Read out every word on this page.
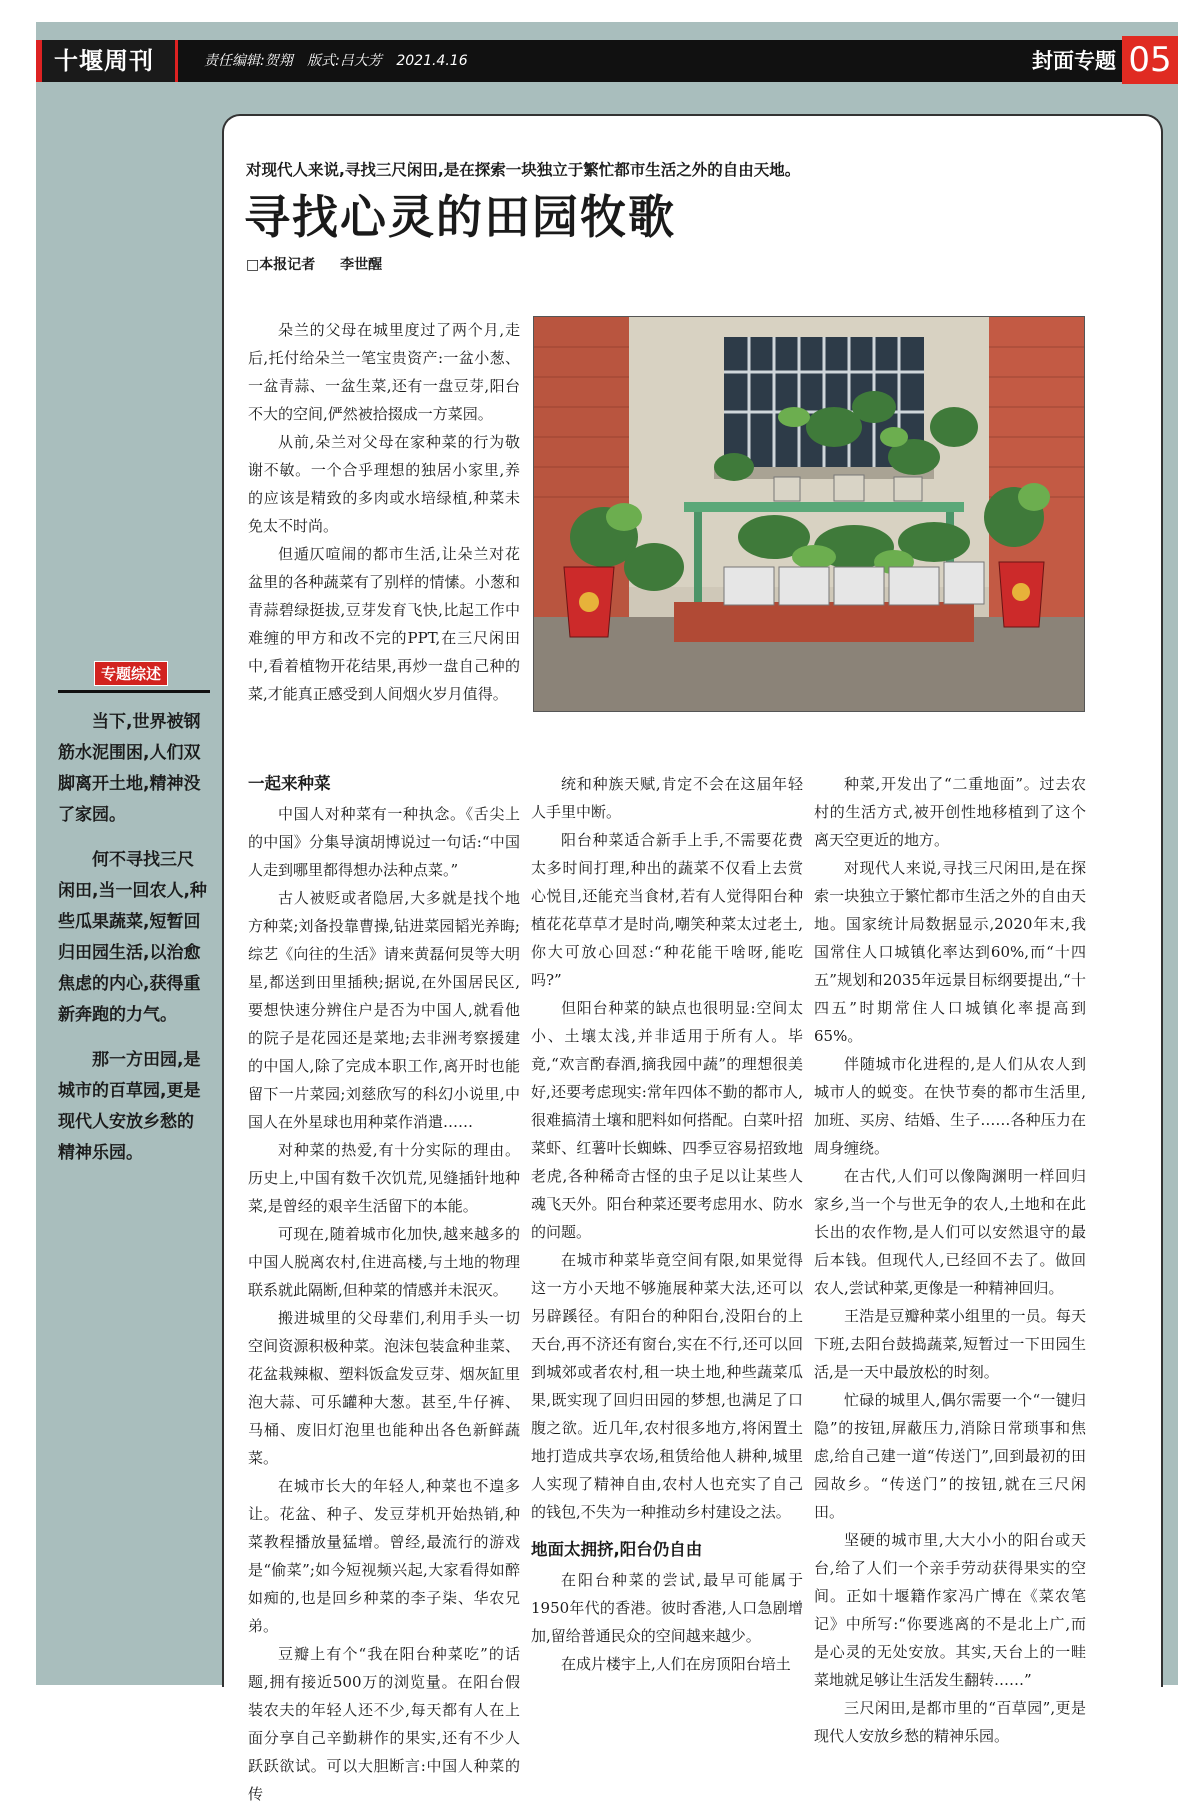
十堰周刊	责任编辑:贺翔 版式:吕大芳 2021.4.16	封面专题 05
专题综述

当下,世界被钢筋水泥围困,人们双脚离开土地,精神没了家园。

何不寻找三尺闲田,当一回农人,种些瓜果蔬菜,短暂回归田园生活,以治愈焦虑的内心,获得重新奔跑的力气。

那一方田园,是城市的百草园,更是现代人安放乡愁的精神乐园。

对现代人来说,寻找三尺闲田,是在探索一块独立于繁忙都市生活之外的自由天地。
寻找心灵的田园牧歌
□本报记者 李世醒

朵兰的父母在城里度过了两个月,走后,托付给朵兰一笔宝贵资产:一盆小葱、一盆青蒜、一盆生菜,还有一盘豆芽,阳台不大的空间,俨然被拾掇成一方菜园。

从前,朵兰对父母在家种菜的行为敬谢不敏。一个合乎理想的独居小家里,养的应该是精致的多肉或水培绿植,种菜未免太不时尚。

但遁仄喧闹的都市生活,让朵兰对花盆里的各种蔬菜有了别样的情愫。小葱和青蒜碧绿挺拔,豆芽发育飞快,比起工作中难缠的甲方和改不完的PPT,在三尺闲田中,看着植物开花结果,再炒一盘自己种的菜,才能真正感受到人间烟火岁月值得。

一起来种菜

中国人对种菜有一种执念。《舌尖上的中国》分集导演胡博说过一句话:“中国人走到哪里都得想办法种点菜。”

古人被贬或者隐居,大多就是找个地方种菜;刘备投靠曹操,钻进菜园韬光养晦;综艺《向往的生活》请来黄磊何炅等大明星,都送到田里插秧;据说,在外国居民区,要想快速分辨住户是否为中国人,就看他的院子是花园还是菜地;去非洲考察援建的中国人,除了完成本职工作,离开时也能留下一片菜园;刘慈欣写的科幻小说里,中国人在外星球也用种菜作消遣……

对种菜的热爱,有十分实际的理由。历史上,中国有数千次饥荒,见缝插针地种菜,是曾经的艰辛生活留下的本能。

可现在,随着城市化加快,越来越多的中国人脱离农村,住进高楼,与土地的物理联系就此隔断,但种菜的情感并未泯灭。

搬进城里的父母辈们,利用手头一切空间资源积极种菜。泡沫包装盒种韭菜、花盆栽辣椒、塑料饭盒发豆芽、烟灰缸里泡大蒜、可乐罐种大葱。甚至,牛仔裤、马桶、废旧灯泡里也能种出各色新鲜蔬菜。

在城市长大的年轻人,种菜也不遑多让。花盆、种子、发豆芽机开始热销,种菜教程播放量猛增。曾经,最流行的游戏是“偷菜”;如今短视频兴起,大家看得如醉如痴的,也是回乡种菜的李子柒、华农兄弟。

豆瓣上有个“我在阳台种菜吃”的话题,拥有接近500万的浏览量。在阳台假装农夫的年轻人还不少,每天都有人在上面分享自己辛勤耕作的果实,还有不少人跃跃欲试。可以大胆断言:中国人种菜的传

统和种族天赋,肯定不会在这届年轻人手里中断。

阳台种菜适合新手上手,不需要花费太多时间打理,种出的蔬菜不仅看上去赏心悦目,还能充当食材,若有人觉得阳台种植花花草草才是时尚,嘲笑种菜太过老土,你大可放心回怼:“种花能干啥呀,能吃吗?”

但阳台种菜的缺点也很明显:空间太小、土壤太浅,并非适用于所有人。毕竟,“欢言酌春酒,摘我园中蔬”的理想很美好,还要考虑现实:常年四体不勤的都市人,很难搞清土壤和肥料如何搭配。白菜叶招菜虾、红薯叶长蜘蛛、四季豆容易招致地老虎,各种稀奇古怪的虫子足以让某些人魂飞天外。阳台种菜还要考虑用水、防水的问题。

在城市种菜毕竟空间有限,如果觉得这一方小天地不够施展种菜大法,还可以另辟蹊径。有阳台的种阳台,没阳台的上天台,再不济还有窗台,实在不行,还可以回到城郊或者农村,租一块土地,种些蔬菜瓜果,既实现了回归田园的梦想,也满足了口腹之欲。近几年,农村很多地方,将闲置土地打造成共享农场,租赁给他人耕种,城里人实现了精神自由,农村人也充实了自己的钱包,不失为一种推动乡村建设之法。

地面太拥挤,阳台仍自由

在阳台种菜的尝试,最早可能属于1950年代的香港。彼时香港,人口急剧增加,留给普通民众的空间越来越少。

在成片楼宇上,人们在房顶阳台培土

种菜,开发出了“二重地面”。过去农村的生活方式,被开创性地移植到了这个离天空更近的地方。

对现代人来说,寻找三尺闲田,是在探索一块独立于繁忙都市生活之外的自由天地。国家统计局数据显示,2020年末,我国常住人口城镇化率达到60%,而“十四五”规划和2035年远景目标纲要提出,“十四五”时期常住人口城镇化率提高到65%。

伴随城市化进程的,是人们从农人到城市人的蜕变。在快节奏的都市生活里,加班、买房、结婚、生子……各种压力在周身缠绕。

在古代,人们可以像陶渊明一样回归家乡,当一个与世无争的农人,土地和在此长出的农作物,是人们可以安然退守的最后本钱。但现代人,已经回不去了。做回农人,尝试种菜,更像是一种精神回归。

王浩是豆瓣种菜小组里的一员。每天下班,去阳台鼓捣蔬菜,短暂过一下田园生活,是一天中最放松的时刻。

忙碌的城里人,偶尔需要一个“一键归隐”的按钮,屏蔽压力,消除日常琐事和焦虑,给自己建一道“传送门”,回到最初的田园故乡。“传送门”的按钮,就在三尺闲田。

坚硬的城市里,大大小小的阳台或天台,给了人们一个亲手劳动获得果实的空间。正如十堰籍作家冯广博在《菜农笔记》中所写:“你要逃离的不是北上广,而是心灵的无处安放。其实,天台上的一畦菜地就足够让生活发生翻转……”

三尺闲田,是都市里的“百草园”,更是现代人安放乡愁的精神乐园。
